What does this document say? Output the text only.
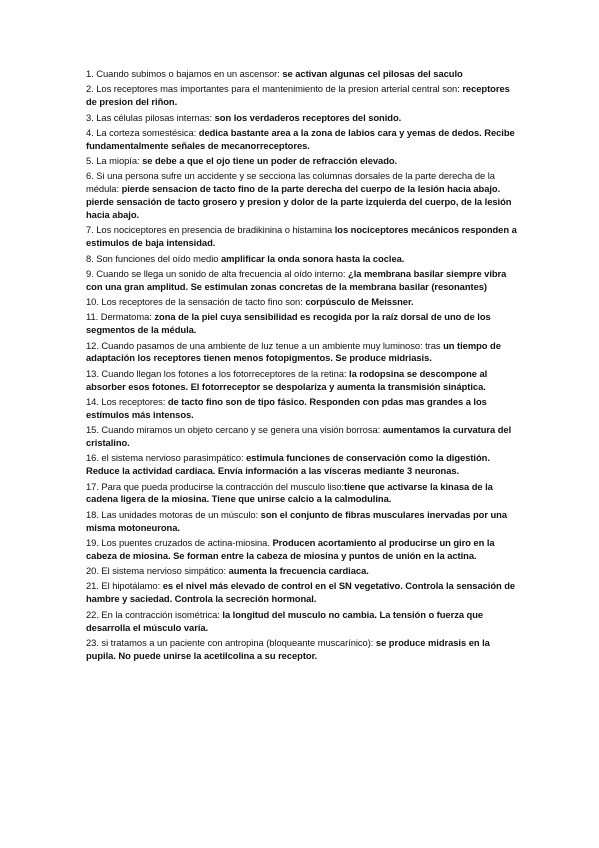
1. Cuando subimos o bajamos en un ascensor: se activan algunas cel pilosas del saculo
2. Los receptores mas importantes para el mantenimiento de la presion arterial central son: receptores de presion del riñon.
3. Las células pilosas internas: son los verdaderos receptores del sonido.
4. La corteza somestésica: dedica bastante area a la zona de labios cara y yemas de dedos. Recibe fundamentalmente señales de mecanorreceptores.
5. La miopía: se debe a que el ojo tiene un poder de refracción elevado.
6. Si una persona sufre un accidente y se secciona las columnas dorsales de la parte derecha de la médula: pierde sensacion de tacto fino de la parte derecha del cuerpo de la lesión hacia abajo. pierde sensación de tacto grosero y presion y dolor de la parte izquierda del cuerpo, de la lesión hacia abajo.
7. Los nociceptores en presencia de bradikinina o histamina los nociceptores mecánicos responden a estimulos de baja intensidad.
8. Son funciones del oído medio amplificar la onda sonora hasta la coclea.
9. Cuando se llega un sonido de alta frecuencia al oído interno: ¿la membrana basilar siempre vibra con una gran amplitud. Se estimulan zonas concretas de la membrana basilar (resonantes)
10. Los receptores de la sensación de tacto fino son: corpúsculo de Meissner.
11. Dermatoma: zona de la piel cuya sensibilidad es recogida por la raíz dorsal de uno de los segmentos de la médula.
12. Cuando pasamos de una ambiente de luz tenue a un ambiente muy luminoso: tras un tiempo de adaptación los receptores tienen menos fotopigmentos. Se produce midriasis.
13. Cuando llegan los fotones a los fotorreceptores de la retina: la rodopsina se descompone al absorber esos fotones. El fotorreceptor se despolariza y aumenta la transmisión sináptica.
14. Los receptores: de tacto fino son de tipo fásico. Responden con pdas mas grandes a los estímulos más intensos.
15. Cuando miramos un objeto cercano y se genera una visión borrosa: aumentamos la curvatura del cristalino.
16. el sistema nervioso parasimpático: estimula funciones de conservación como la digestión. Reduce la actividad cardiaca. Envía información a las vísceras mediante 3 neuronas.
17. Para que pueda producirse la contracción del musculo liso:tiene que activarse la kinasa de la cadena ligera de la miosina. Tiene que unirse calcio a la calmodulina.
18. Las unidades motoras de un músculo: son el conjunto de fibras musculares inervadas por una misma motoneurona.
19. Los puentes cruzados de actina-miosina. Producen acortamiento al producirse un giro en la cabeza de miosina. Se forman entre la cabeza de miosina y puntos de unión en la actina.
20. El sistema nervioso simpático: aumenta la frecuencia cardiaca.
21. El hipotálamo: es el nivel más elevado de control en el SN vegetativo. Controla la sensación de hambre y saciedad. Controla la secreción hormonal.
22. En la contracción isométrica: la longitud del musculo no cambia. La tensión o fuerza que desarrolla el músculo varía.
23. si tratamos a un paciente con antropina (bloqueante muscarínico): se produce midrasis en la pupila. No puede unirse la acetilcolina a su receptor.
